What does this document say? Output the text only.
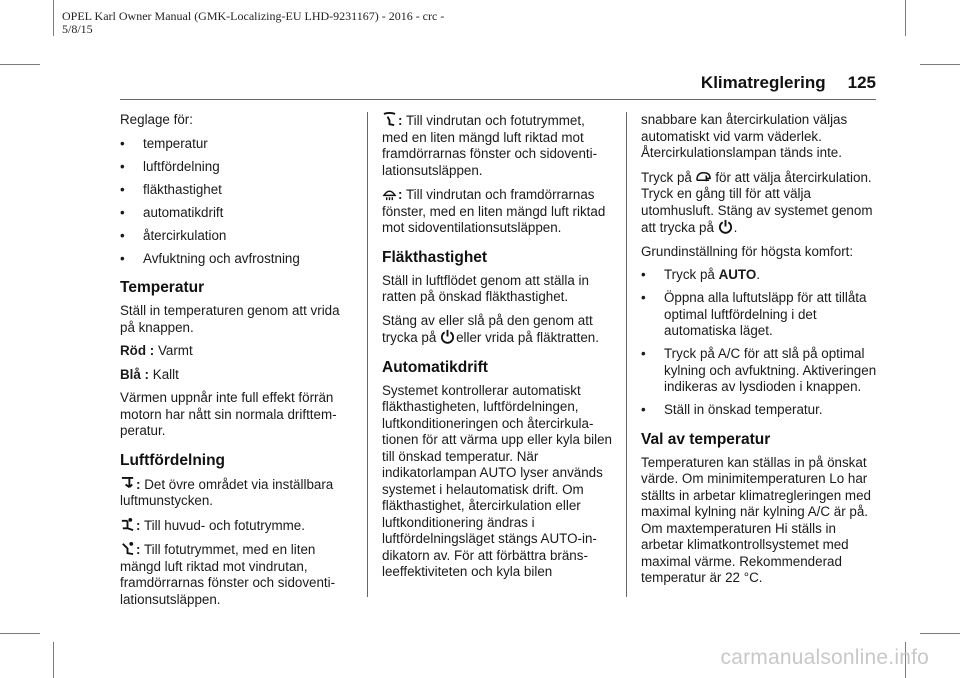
OPEL Karl Owner Manual (GMK-Localizing-EU LHD-9231167) - 2016 - crc -
5/8/15
Klimatreglering 125

Reglage för:

•	temperatur
•	luftfördelning
•	fläkthastighet
•	automatikdrift
•	återcirkulation
•	Avfuktning och avfrostning
Temperatur

Ställ in temperaturen genom att vrida på knappen.

Röd : Varmt

Blå : Kallt

Värmen uppnår inte full effekt förrän motorn har nått sin normala drifttemperatur.

Luftfördelning

: Det övre området via inställbara luftmunstycken.

: Till huvud- och fotutrymme.

: Till fotutrymmet, med en liten mängd luft riktad mot vindrutan, framdörrarnas fönster och sidoventilationsutsläppen.

: Till vindrutan och fotutrymmet, med en liten mängd luft riktad mot framdörrarnas fönster och sidoventilationsutsläppen.

: Till vindrutan och framdörrarnas fönster, med en liten mängd luft riktad mot sidoventilationsutsläppen.

Fläkthastighet

Ställ in luftflödet genom att ställa in ratten på önskad fläkthastighet.

Stäng av eller slå på den genom att trycka på eller vrida på fläktratten.

Automatikdrift

Systemet kontrollerar automatiskt fläkthastigheten, luftfördelningen, luftkonditioneringen och återcirkulationen för att värma upp eller kyla bilen till önskad temperatur. När indikatorlampan AUTO lyser används systemet i helautomatisk drift. Om fläkthastighet, återcirkulation eller luftkonditionering ändras i luftfördelningsläget stängs AUTO-indikatorn av. För att förbättra bränsleeffektiviteten och kyla bilen

snabbare kan återcirkulation väljas automatiskt vid varm väderlek. Återcirkulationslampan tänds inte.

Tryck på för att välja återcirkulation. Tryck en gång till för att välja utomhusluft. Stäng av systemet genom att trycka på .

Grundinställning för högsta komfort:

•	Tryck på AUTO.
•	Öppna alla luftutsläpp för att tillåta optimal luftfördelning i det automatiska läget.
•	Tryck på A/C för att slå på optimal kylning och avfuktning. Aktiveringen indikeras av lysdioden i knappen.
•	Ställ in önskad temperatur.
Val av temperatur

Temperaturen kan ställas in på önskat värde. Om minimitemperaturen Lo har ställts in arbetar klimatregleringen med maximal kylning när kylning A/C är på. Om maxtemperaturen Hi ställs in arbetar klimatkontrollsystemet med maximal värme. Rekommenderad temperatur är 22 °C.

carmanualsonline.info
